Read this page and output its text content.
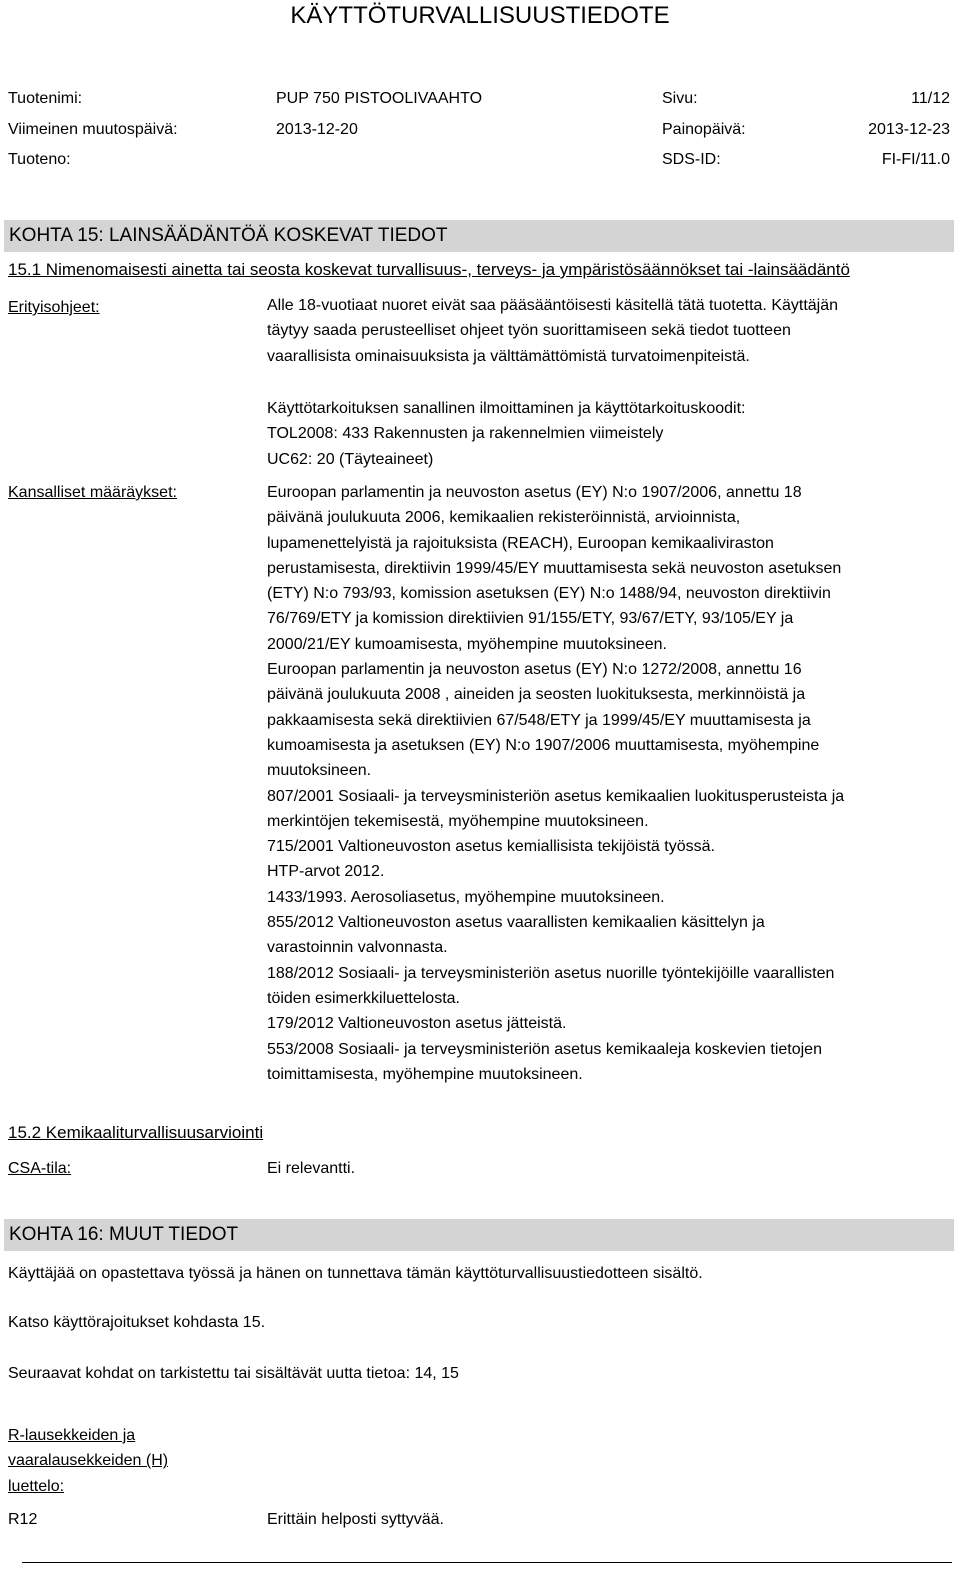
KÄYTTÖTURVALLISUUSTIEDOTE
Tuotenimi:	PUP 750 PISTOOLIVAAHTO	Sivu:	11/12
Viimeinen muutospäivä:	2013-12-20	Painopäivä:	2013-12-23
Tuoteno:	SDS-ID:	FI-FI/11.0
KOHTA 15: LAINSÄÄDÄNTÖÄ KOSKEVAT TIEDOT
15.1 Nimenomaisesti ainetta tai seosta koskevat turvallisuus-, terveys- ja ympäristösäännökset tai -lainsäädäntö
Erityisohjeet:	Alle 18-vuotiaat nuoret eivät saa pääsääntöisesti käsitellä tätä tuotetta. Käyttäjän
täytyy saada perusteelliset ohjeet työn suorittamiseen sekä tiedot tuotteen
vaarallisista ominaisuuksista ja välttämättömistä turvatoimenpiteistä.
Käyttötarkoituksen sanallinen ilmoittaminen ja käyttötarkoituskoodit:
TOL2008: 433 Rakennusten ja rakennelmien viimeistely
UC62: 20 (Täyteaineet)
Kansalliset määräykset:	Euroopan parlamentin ja neuvoston asetus (EY) N:o 1907/2006, annettu 18
päivänä joulukuuta 2006, kemikaalien rekisteröinnistä, arvioinnista,
lupamenettelyistä ja rajoituksista (REACH), Euroopan kemikaaliviraston
perustamisesta, direktiivin 1999/45/EY muuttamisesta sekä neuvoston asetuksen
(ETY) N:o 793/93, komission asetuksen (EY) N:o 1488/94, neuvoston direktiivin
76/769/ETY ja komission direktiivien 91/155/ETY, 93/67/ETY, 93/105/EY ja
2000/21/EY kumoamisesta, myöhempine muutoksineen.
Euroopan parlamentin ja neuvoston asetus (EY) N:o 1272/2008, annettu 16
päivänä joulukuuta 2008 , aineiden ja seosten luokituksesta, merkinnöistä ja
pakkaamisesta sekä direktiivien 67/548/ETY ja 1999/45/EY muuttamisesta ja
kumoamisesta ja asetuksen (EY) N:o 1907/2006 muuttamisesta, myöhempine
muutoksineen.
807/2001 Sosiaali- ja terveysministeriön asetus kemikaalien luokitusperusteista ja
merkintöjen tekemisestä, myöhempine muutoksineen.
715/2001 Valtioneuvoston asetus kemiallisista tekijöistä työssä.
HTP-arvot 2012.
1433/1993. Aerosoliasetus, myöhempine muutoksineen.
855/2012 Valtioneuvoston asetus vaarallisten kemikaalien käsittelyn ja
varastoinnin valvonnasta.
188/2012 Sosiaali- ja terveysministeriön asetus nuorille työntekijöille vaarallisten
töiden esimerkkiluettelosta.
179/2012 Valtioneuvoston asetus jätteistä.
553/2008 Sosiaali- ja terveysministeriön asetus kemikaaleja koskevien tietojen
toimittamisesta, myöhempine muutoksineen.
15.2 Kemikaaliturvallisuusarviointi
CSA-tila:	Ei relevantti.
KOHTA 16: MUUT TIEDOT
Käyttäjää on opastettava työssä ja hänen on tunnettava tämän käyttöturvallisuustiedotteen sisältö.
Katso käyttörajoitukset kohdasta 15.
Seuraavat kohdat on tarkistettu tai sisältävät uutta tietoa: 14, 15
R-lausekkeiden ja
vaaralausekkeiden (H)
luettelo:
R12	Erittäin helposti syttyvää.
